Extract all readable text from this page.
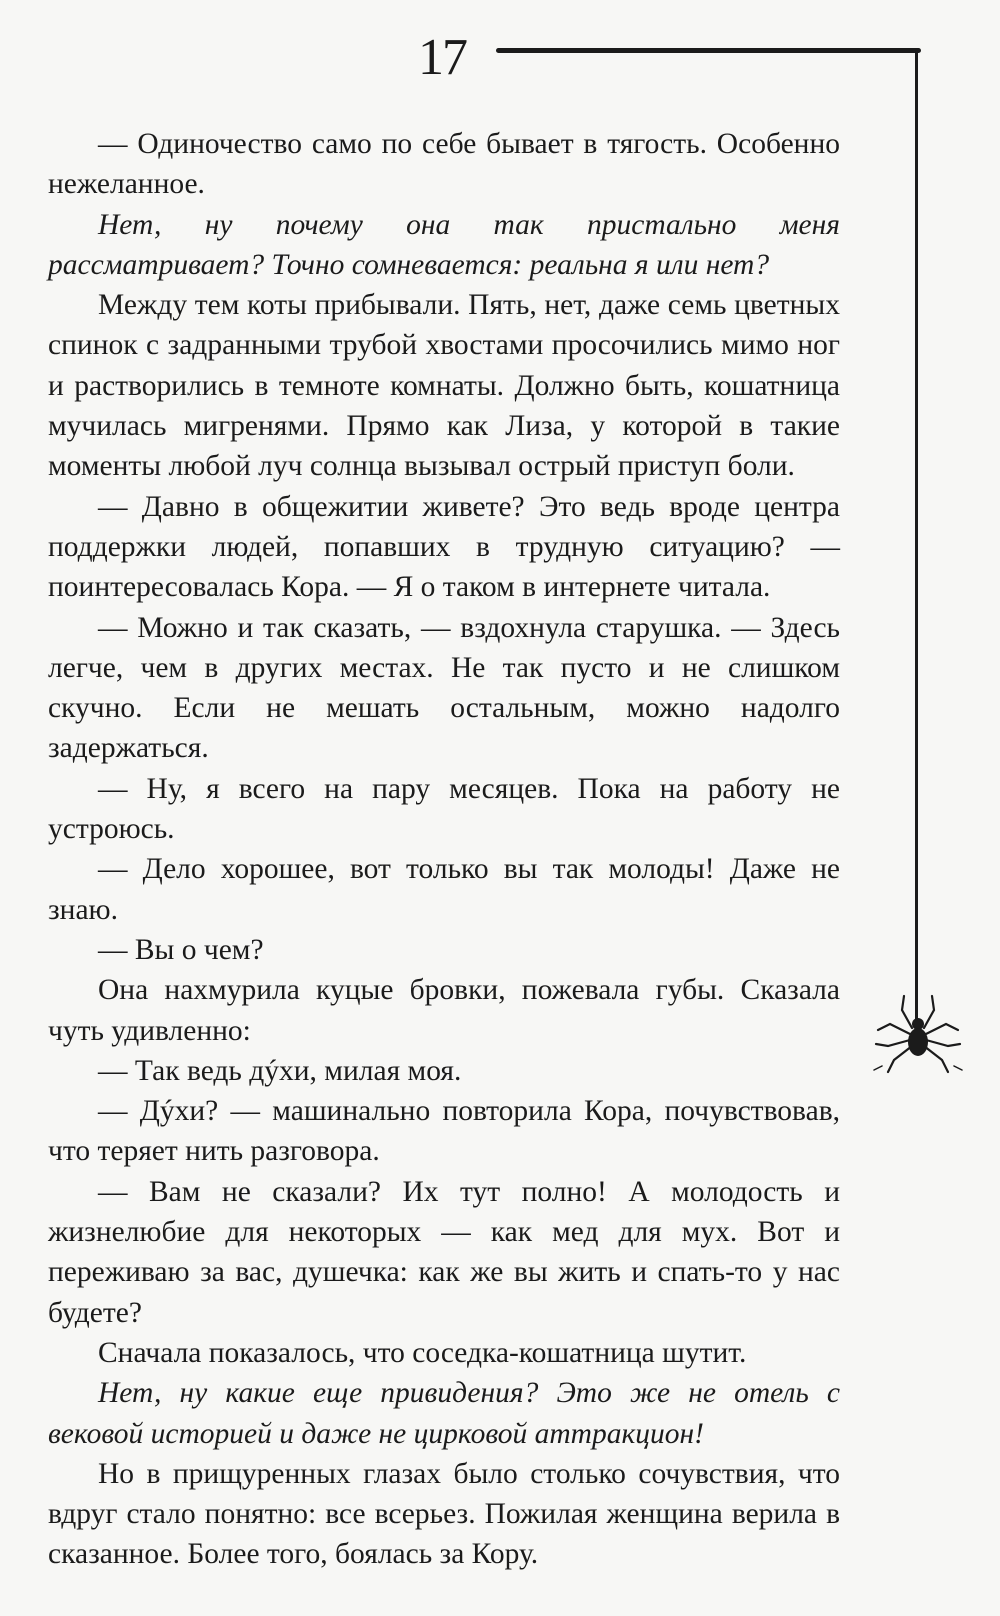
17

— Одиночество само по себе бывает в тягость. Особенно нежеланное.

Нет, ну почему она так пристально меня рассматривает? Точно сомневается: реальна я или нет?

Между тем коты прибывали. Пять, нет, даже семь цветных спинок с задранными трубой хвостами просочились мимо ног и растворились в темноте комнаты. Должно быть, кошатница мучилась мигренями. Прямо как Лиза, у которой в такие моменты любой луч солнца вызывал острый приступ боли.

— Давно в общежитии живете? Это ведь вроде центра поддержки людей, попавших в трудную ситуацию? — поинтересовалась Кора. — Я о таком в интернете читала.

— Можно и так сказать, — вздохнула старушка. — Здесь легче, чем в других местах. Не так пусто и не слишком скучно. Если не мешать остальным, можно надолго задержаться.

— Ну, я всего на пару месяцев. Пока на работу не устроюсь.

— Дело хорошее, вот только вы так молоды! Даже не знаю.

— Вы о чем?

Она нахмурила куцые бровки, пожевала губы. Сказала чуть удивленно:

— Так ведь дýхи, милая моя.

— Дýхи? — машинально повторила Кора, почувствовав, что теряет нить разговора.

— Вам не сказали? Их тут полно! А молодость и жизнелюбие для некоторых — как мед для мух. Вот и переживаю за вас, душечка: как же вы жить и спать-то у нас будете?

Сначала показалось, что соседка-кошатница шутит.

Нет, ну какие еще привидения? Это же не отель с вековой историей и даже не цирковой аттракцион!

Но в прищуренных глазах было столько сочувствия, что вдруг стало понятно: все всерьез. Пожилая женщина верила в сказанное. Более того, боялась за Кору.
